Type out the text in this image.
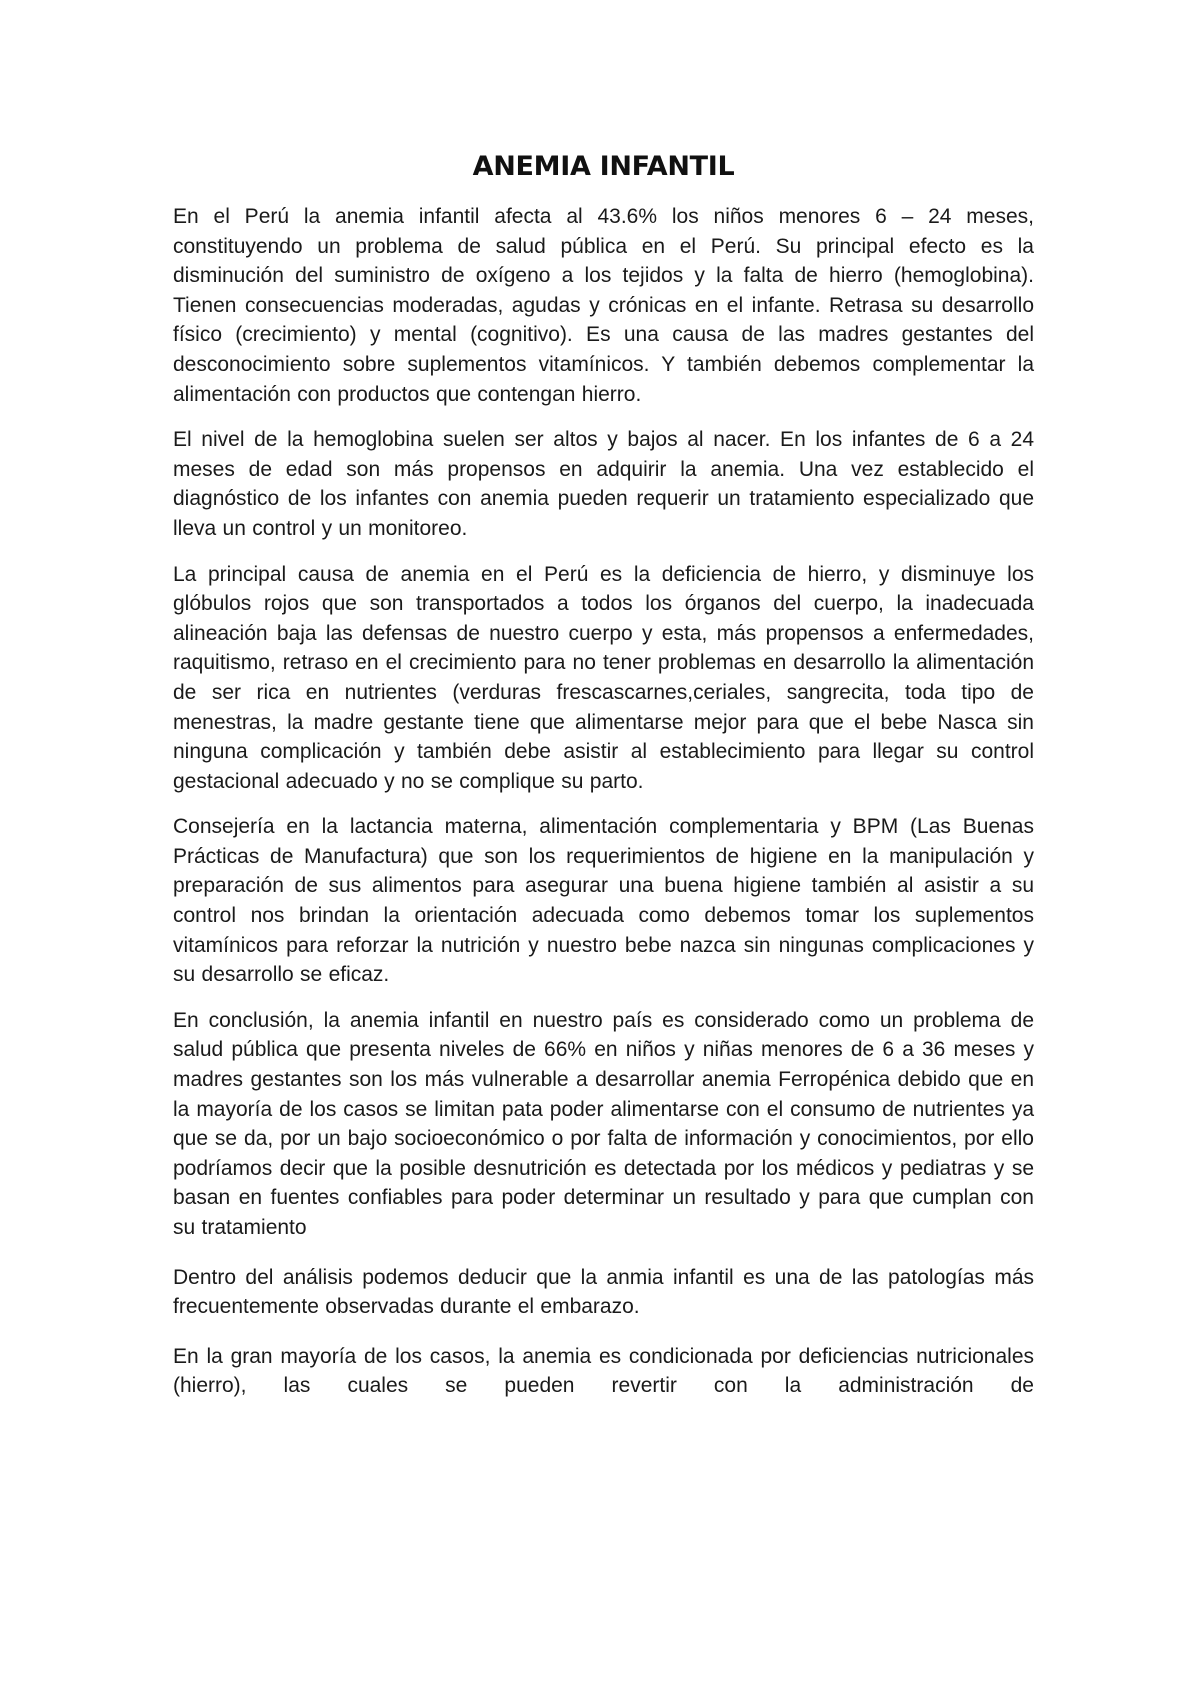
ANEMIA INFANTIL

En el Perú la anemia infantil afecta al 43.6% los niños menores 6 – 24 meses, constituyendo un problema de salud pública en el Perú. Su principal efecto es la disminución del suministro de oxígeno a los tejidos y la falta de hierro (hemoglobina). Tienen consecuencias moderadas, agudas y crónicas en el infante. Retrasa su desarrollo físico (crecimiento) y mental (cognitivo). Es una causa de las madres gestantes del desconocimiento sobre suplementos vitamínicos. Y también debemos complementar la alimentación con productos que contengan hierro.

El nivel de la hemoglobina suelen ser altos y bajos al nacer. En los infantes de 6 a 24 meses de edad son más propensos en adquirir la anemia. Una vez establecido el diagnóstico de los infantes con anemia pueden requerir un tratamiento especializado que lleva un control y un monitoreo.

La principal causa de anemia en el Perú es la deficiencia de hierro, y disminuye los glóbulos rojos que son transportados a todos los órganos del cuerpo, la inadecuada alineación baja las defensas de nuestro cuerpo y esta, más propensos a enfermedades, raquitismo, retraso en el crecimiento para no tener problemas en desarrollo la alimentación de ser rica en nutrientes (verduras frescascarnes,ceriales, sangrecita, toda tipo de menestras, la madre gestante tiene que alimentarse mejor para que el bebe Nasca sin ninguna complicación y también debe asistir al establecimiento para llegar su control gestacional adecuado y no se complique su parto.

Consejería en la lactancia materna, alimentación complementaria y BPM (Las Buenas Prácticas de Manufactura) que son los requerimientos de higiene en la manipulación y preparación de sus alimentos para asegurar una buena higiene también al asistir a su control nos brindan la orientación adecuada como debemos tomar los suplementos vitamínicos para reforzar la nutrición y nuestro bebe nazca sin ningunas complicaciones y su desarrollo se eficaz.

En conclusión, la anemia infantil en nuestro país es considerado como un problema de salud pública que presenta niveles de 66% en niños y niñas menores de 6 a 36 meses y madres gestantes son los más vulnerable a desarrollar anemia Ferropénica debido que en la mayoría de los casos se limitan pata poder alimentarse con el consumo de nutrientes ya que se da, por un bajo socioeconómico o por falta de información y conocimientos, por ello podríamos decir que la posible desnutrición es detectada por los médicos y pediatras y se basan en fuentes confiables para poder determinar un resultado y para que cumplan con su tratamiento

Dentro del análisis podemos deducir que la anmia infantil es una de las patologías más frecuentemente observadas durante el embarazo.

En la gran mayoría de los casos, la anemia es condicionada por deficiencias nutricionales (hierro), las cuales se pueden revertir con la administración de
